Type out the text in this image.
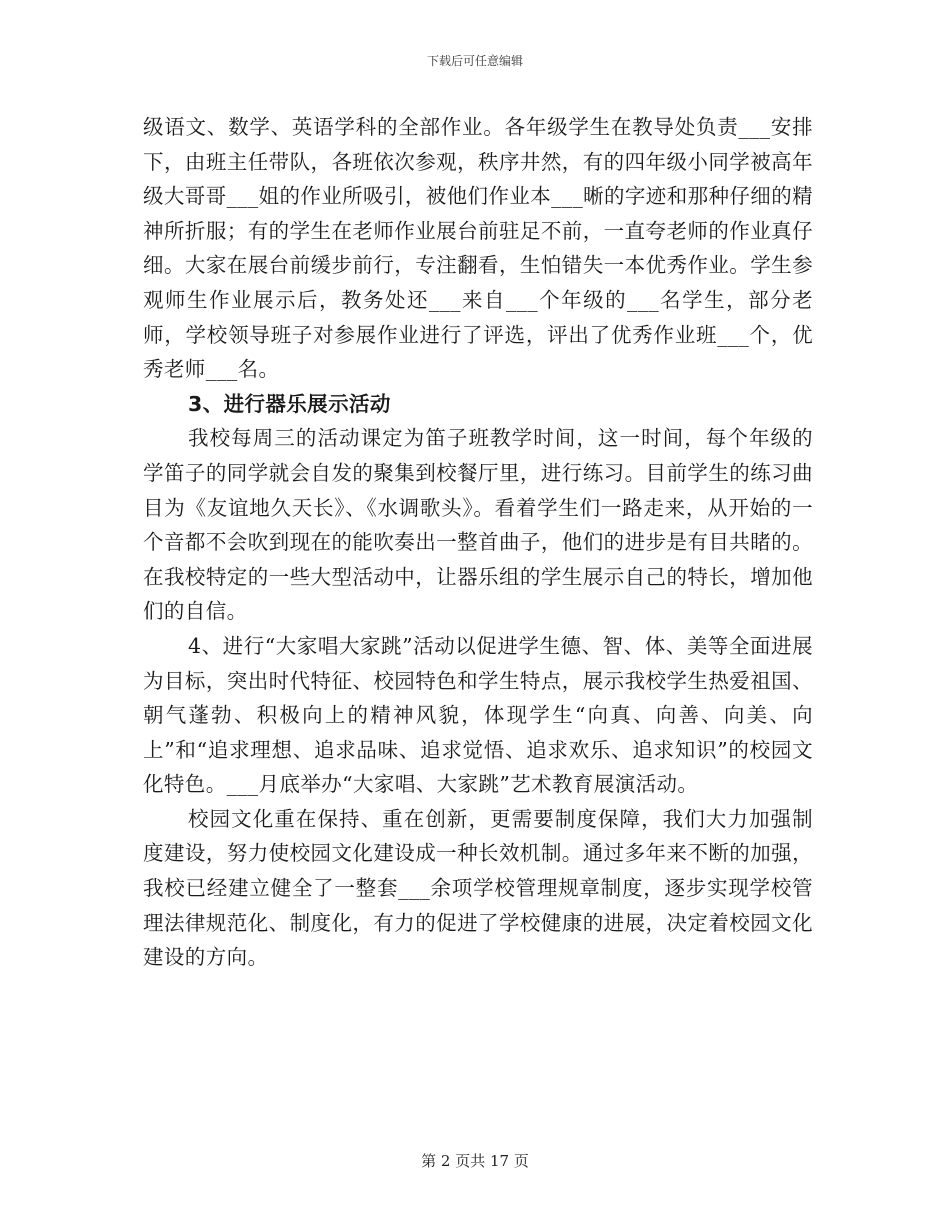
下载后可任意编辑

级语文、数学、英语学科的全部作业。各年级学生在教导处负责___安排下，由班主任带队，各班依次参观，秩序井然，有的四年级小同学被高年级大哥哥___姐的作业所吸引，被他们作业本___晰的字迹和那种仔细的精神所折服；有的学生在老师作业展台前驻足不前，一直夸老师的作业真仔细。大家在展台前缓步前行，专注翻看，生怕错失一本优秀作业。学生参观师生作业展示后，教务处还___来自___个年级的___名学生，部分老师，学校领导班子对参展作业进行了评选，评出了优秀作业班___个，优秀老师___名。

3、进行器乐展示活动

我校每周三的活动课定为笛子班教学时间，这一时间，每个年级的学笛子的同学就会自发的聚集到校餐厅里，进行练习。目前学生的练习曲目为《友谊地久天长》、《水调歌头》。看着学生们一路走来，从开始的一个音都不会吹到现在的能吹奏出一整首曲子，他们的进步是有目共睹的。在我校特定的一些大型活动中，让器乐组的学生展示自己的特长，增加他们的自信。

4、进行“大家唱大家跳”活动以促进学生德、智、体、美等全面进展为目标，突出时代特征、校园特色和学生特点，展示我校学生热爱祖国、朝气蓬勃、积极向上的精神风貌，体现学生“向真、向善、向美、向上”和“追求理想、追求品味、追求觉悟、追求欢乐、追求知识”的校园文化特色。___月底举办“大家唱、大家跳”艺术教育展演活动。

校园文化重在保持、重在创新，更需要制度保障，我们大力加强制度建设，努力使校园文化建设成一种长效机制。通过多年来不断的加强，我校已经建立健全了一整套___余项学校管理规章制度，逐步实现学校管理法律规范化、制度化，有力的促进了学校健康的进展，决定着校园文化建设的方向。

第 2 页共 17 页
